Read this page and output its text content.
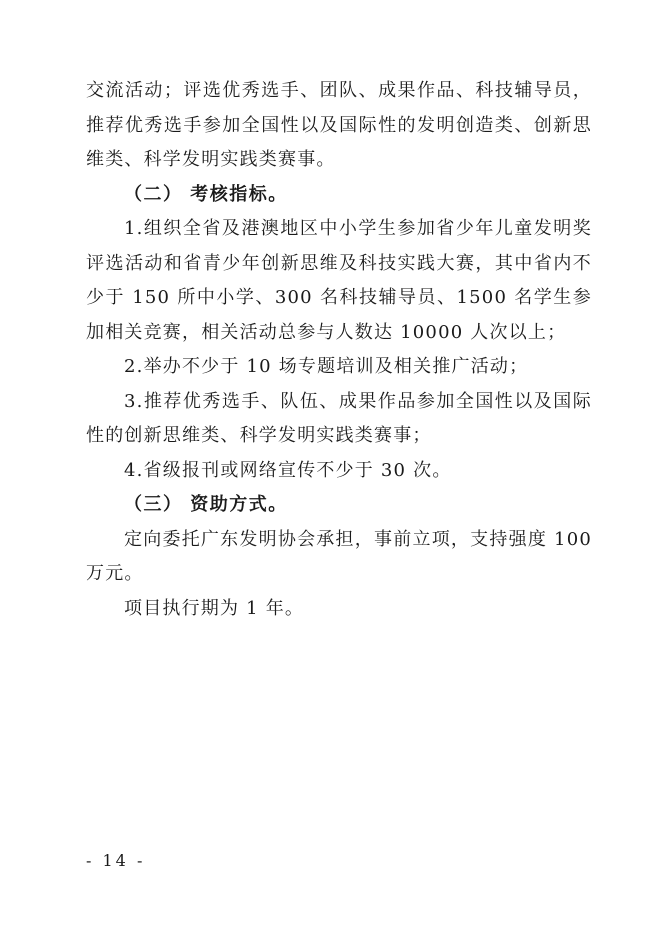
交流活动；评选优秀选手、团队、成果作品、科技辅导员，推荐优秀选手参加全国性以及国际性的发明创造类、创新思维类、科学发明实践类赛事。

（二） 考核指标。

1.组织全省及港澳地区中小学生参加省少年儿童发明奖评选活动和省青少年创新思维及科技实践大赛，其中省内不少于 150 所中小学、300 名科技辅导员、1500 名学生参加相关竞赛，相关活动总参与人数达 10000 人次以上；

2.举办不少于 10 场专题培训及相关推广活动；

3.推荐优秀选手、队伍、成果作品参加全国性以及国际性的创新思维类、科学发明实践类赛事；

4.省级报刊或网络宣传不少于 30 次。

（三） 资助方式。

定向委托广东发明协会承担，事前立项，支持强度 100 万元。

项目执行期为 1 年。

- 14 -
